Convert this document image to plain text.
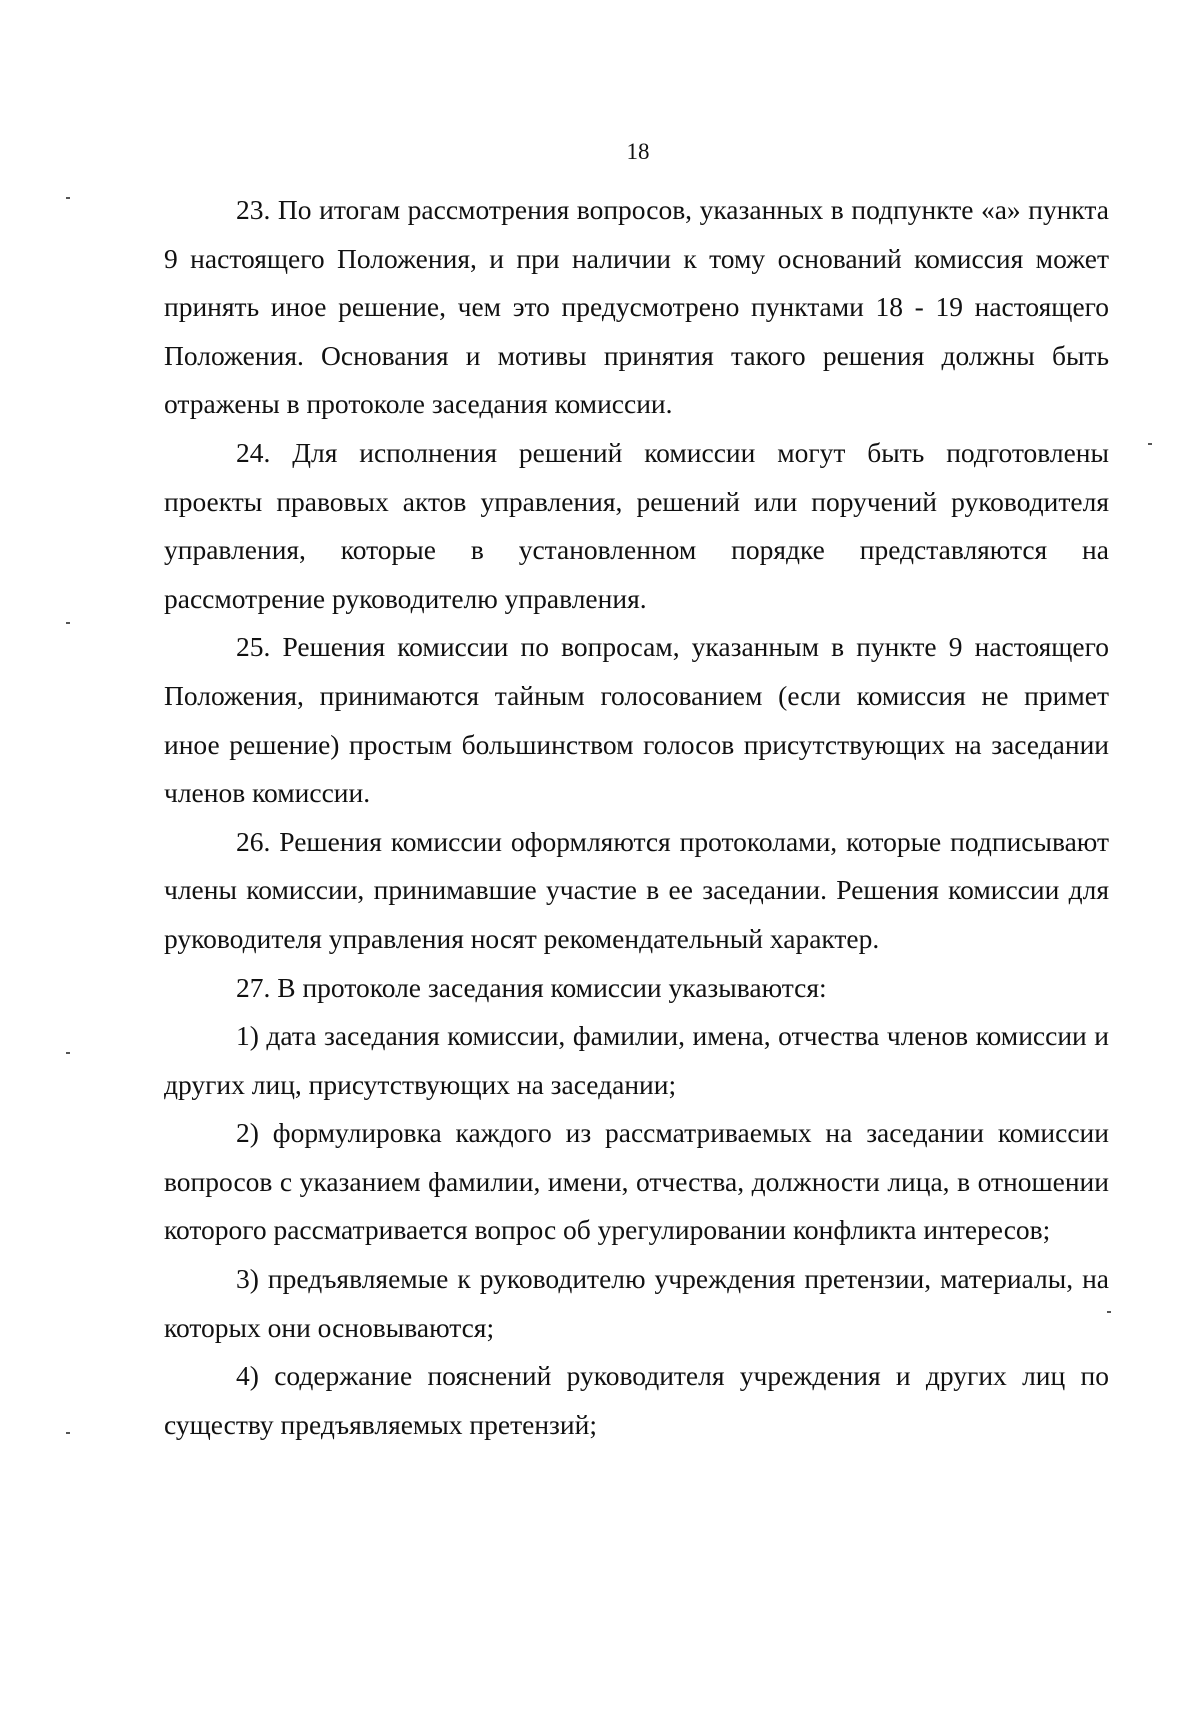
18

23. По итогам рассмотрения вопросов, указанных в подпункте «а» пункта 9 настоящего Положения, и при наличии к тому оснований комиссия может принять иное решение, чем это предусмотрено пунктами 18 - 19 настоящего Положения. Основания и мотивы принятия такого решения должны быть отражены в протоколе заседания комиссии.

24. Для исполнения решений комиссии могут быть подготовлены проекты правовых актов управления, решений или поручений руководителя управления, которые в установленном порядке представляются на рассмотрение руководителю управления.

25. Решения комиссии по вопросам, указанным в пункте 9 настоящего Положения, принимаются тайным голосованием (если комиссия не примет иное решение) простым большинством голосов присутствующих на заседании членов комиссии.

26. Решения комиссии оформляются протоколами, которые подписывают члены комиссии, принимавшие участие в ее заседании. Решения комиссии для руководителя управления носят рекомендательный характер.

27. В протоколе заседания комиссии указываются:

1) дата заседания комиссии, фамилии, имена, отчества членов комиссии и других лиц, присутствующих на заседании;

2) формулировка каждого из рассматриваемых на заседании комиссии вопросов с указанием фамилии, имени, отчества, должности лица, в отношении которого рассматривается вопрос об урегулировании конфликта интересов;

3) предъявляемые к руководителю учреждения претензии, материалы, на которых они основываются;

4) содержание пояснений руководителя учреждения и других лиц по существу предъявляемых претензий;
